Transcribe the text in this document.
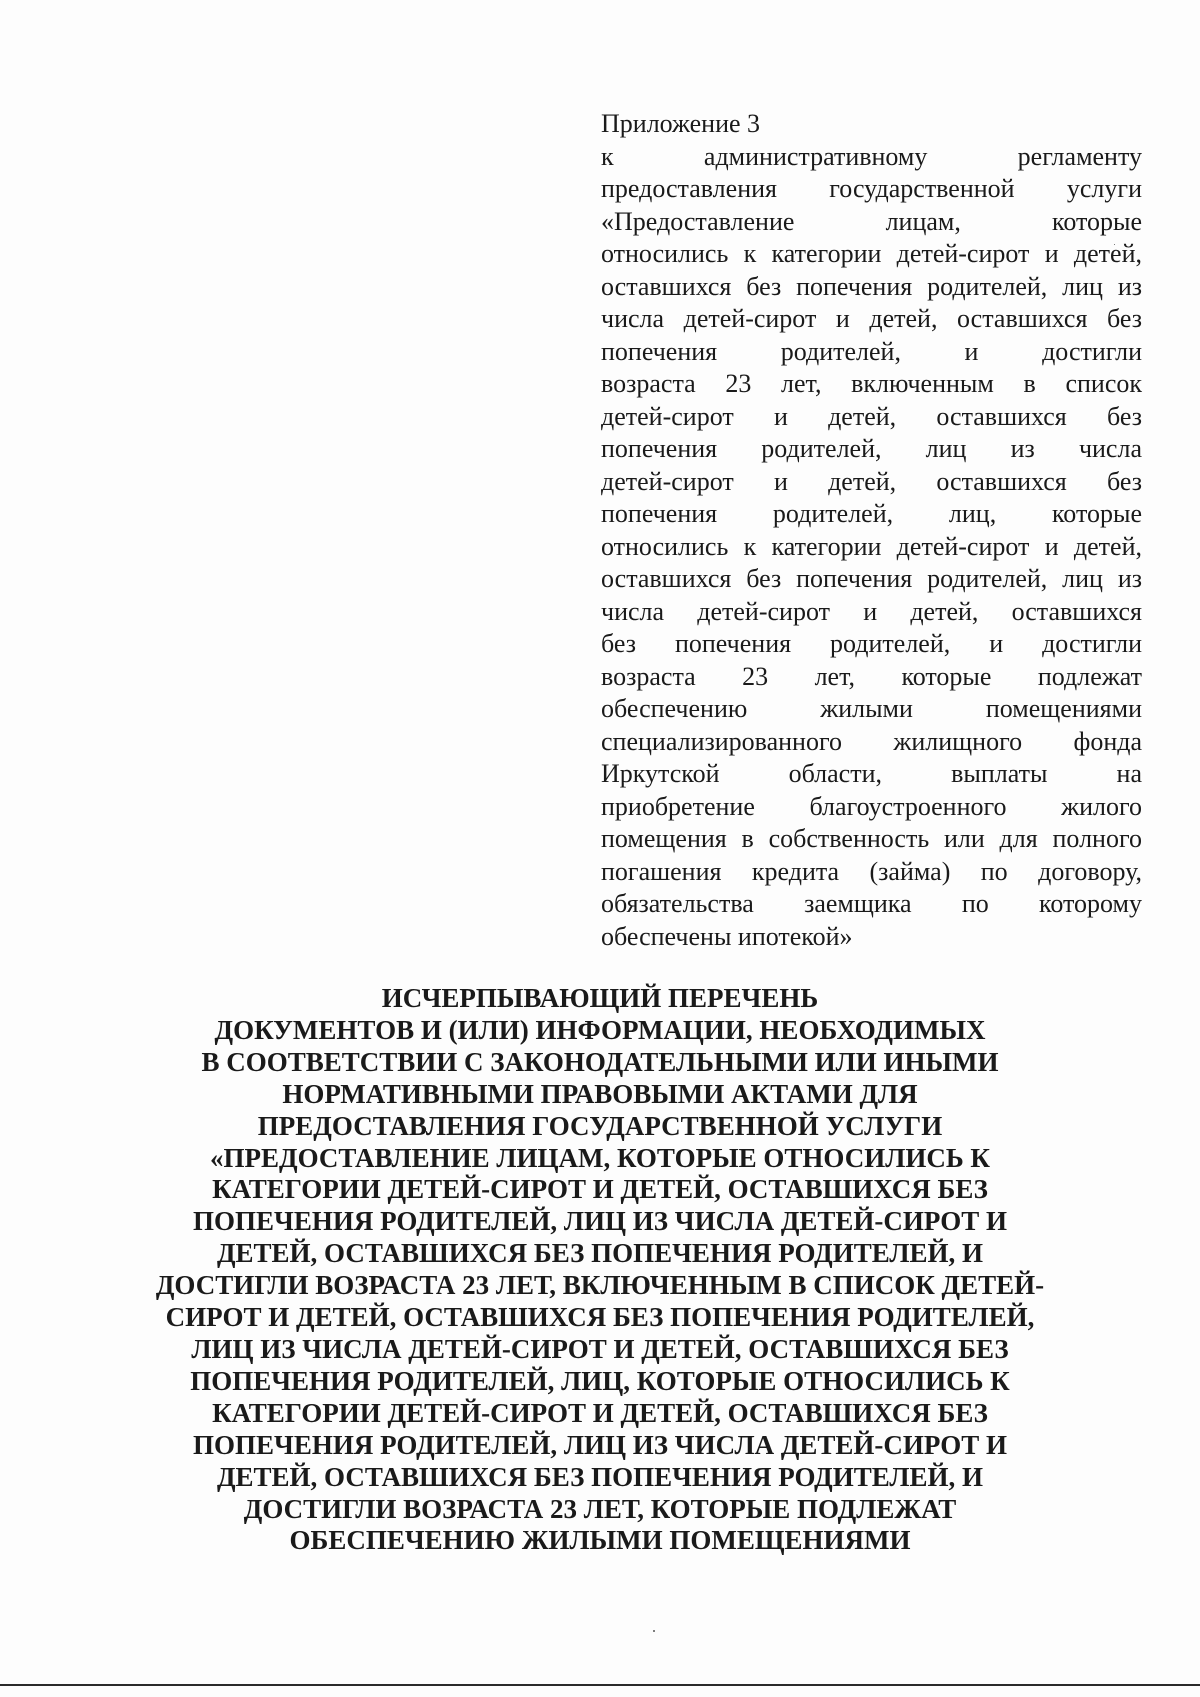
Приложение 3
к административному регламенту
предоставления государственной услуги
«Предоставление лицам, которые
относились к категории детей-сирот и детей,
оставшихся без попечения родителей, лиц из
числа детей-сирот и детей, оставшихся без
попечения родителей, и достигли
возраста 23 лет, включенным в список
детей-сирот и детей, оставшихся без
попечения родителей, лиц из числа
детей-сирот и детей, оставшихся без
попечения родителей, лиц, которые
относились к категории детей-сирот и детей,
оставшихся без попечения родителей, лиц из
числа детей-сирот и детей, оставшихся
без попечения родителей, и достигли
возраста 23 лет, которые подлежат
обеспечению жилыми помещениями
специализированного жилищного фонда
Иркутской области, выплаты на
приобретение благоустроенного жилого
помещения в собственность или для полного
погашения кредита (займа) по договору,
обязательства заемщика по которому
обеспечены ипотекой»
ИСЧЕРПЫВАЮЩИЙ ПЕРЕЧЕНЬ
ДОКУМЕНТОВ И (ИЛИ) ИНФОРМАЦИИ, НЕОБХОДИМЫХ
В СООТВЕТСТВИИ С ЗАКОНОДАТЕЛЬНЫМИ ИЛИ ИНЫМИ
НОРМАТИВНЫМИ ПРАВОВЫМИ АКТАМИ ДЛЯ
ПРЕДОСТАВЛЕНИЯ ГОСУДАРСТВЕННОЙ УСЛУГИ
«ПРЕДОСТАВЛЕНИЕ ЛИЦАМ, КОТОРЫЕ ОТНОСИЛИСЬ К
КАТЕГОРИИ ДЕТЕЙ-СИРОТ И ДЕТЕЙ, ОСТАВШИХСЯ БЕЗ
ПОПЕЧЕНИЯ РОДИТЕЛЕЙ, ЛИЦ ИЗ ЧИСЛА ДЕТЕЙ-СИРОТ И
ДЕТЕЙ, ОСТАВШИХСЯ БЕЗ ПОПЕЧЕНИЯ РОДИТЕЛЕЙ, И
ДОСТИГЛИ ВОЗРАСТА 23 ЛЕТ, ВКЛЮЧЕННЫМ В СПИСОК ДЕТЕЙ-
СИРОТ И ДЕТЕЙ, ОСТАВШИХСЯ БЕЗ ПОПЕЧЕНИЯ РОДИТЕЛЕЙ,
ЛИЦ ИЗ ЧИСЛА ДЕТЕЙ-СИРОТ И ДЕТЕЙ, ОСТАВШИХСЯ БЕЗ
ПОПЕЧЕНИЯ РОДИТЕЛЕЙ, ЛИЦ, КОТОРЫЕ ОТНОСИЛИСЬ К
КАТЕГОРИИ ДЕТЕЙ-СИРОТ И ДЕТЕЙ, ОСТАВШИХСЯ БЕЗ
ПОПЕЧЕНИЯ РОДИТЕЛЕЙ, ЛИЦ ИЗ ЧИСЛА ДЕТЕЙ-СИРОТ И
ДЕТЕЙ, ОСТАВШИХСЯ БЕЗ ПОПЕЧЕНИЯ РОДИТЕЛЕЙ, И
ДОСТИГЛИ ВОЗРАСТА 23 ЛЕТ, КОТОРЫЕ ПОДЛЕЖАТ
ОБЕСПЕЧЕНИЮ ЖИЛЫМИ ПОМЕЩЕНИЯМИ
